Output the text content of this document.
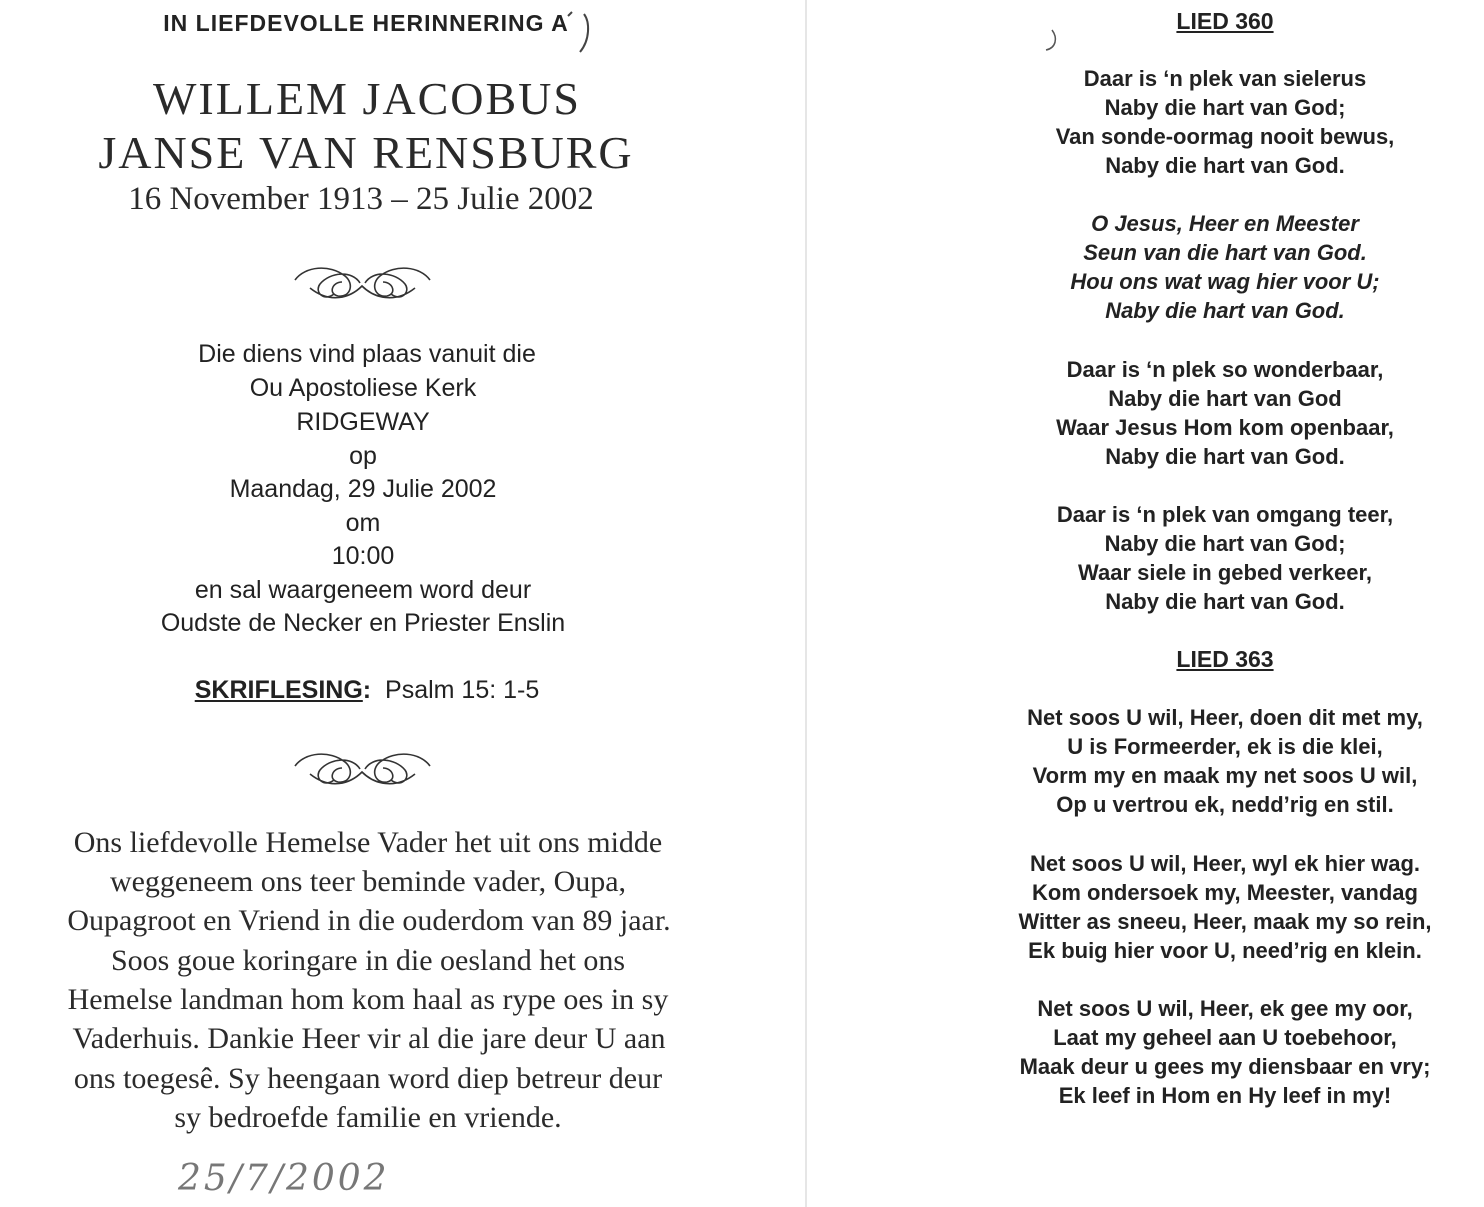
IN LIEFDEVOLLE HERINNERING A
WILLEM JACOBUS
JANSE VAN RENSBURG
16 November 1913 – 25 Julie 2002
Die diens vind plaas vanuit die
Ou Apostoliese Kerk
RIDGEWAY
op
Maandag, 29 Julie 2002
om
10:00
en sal waargeneem word deur
Oudste de Necker en Priester Enslin
SKRIFLESING: Psalm 15: 1-5
Ons liefdevolle Hemelse Vader het uit ons midde
weggeneem ons teer beminde vader, Oupa,
Oupagroot en Vriend in die ouderdom van 89 jaar.
Soos goue koringare in die oesland het ons
Hemelse landman hom kom haal as rype oes in sy
Vaderhuis. Dankie Heer vir al die jare deur U aan
ons toegesê. Sy heengaan word diep betreur deur
sy bedroefde familie en vriende.
25/7/2002
LIED 360
Daar is ‘n plek van sielerus
Naby die hart van God;
Van sonde-oormag nooit bewus,
Naby die hart van God.
O Jesus, Heer en Meester
Seun van die hart van God.
Hou ons wat wag hier voor U;
Naby die hart van God.
Daar is ‘n plek so wonderbaar,
Naby die hart van God
Waar Jesus Hom kom openbaar,
Naby die hart van God.
Daar is ‘n plek van omgang teer,
Naby die hart van God;
Waar siele in gebed verkeer,
Naby die hart van God.
LIED 363
Net soos U wil, Heer, doen dit met my,
U is Formeerder, ek is die klei,
Vorm my en maak my net soos U wil,
Op u vertrou ek, nedd’rig en stil.
Net soos U wil, Heer, wyl ek hier wag.
Kom ondersoek my, Meester, vandag
Witter as sneeu, Heer, maak my so rein,
Ek buig hier voor U, need’rig en klein.
Net soos U wil, Heer, ek gee my oor,
Laat my geheel aan U toebehoor,
Maak deur u gees my diensbaar en vry;
Ek leef in Hom en Hy leef in my!
